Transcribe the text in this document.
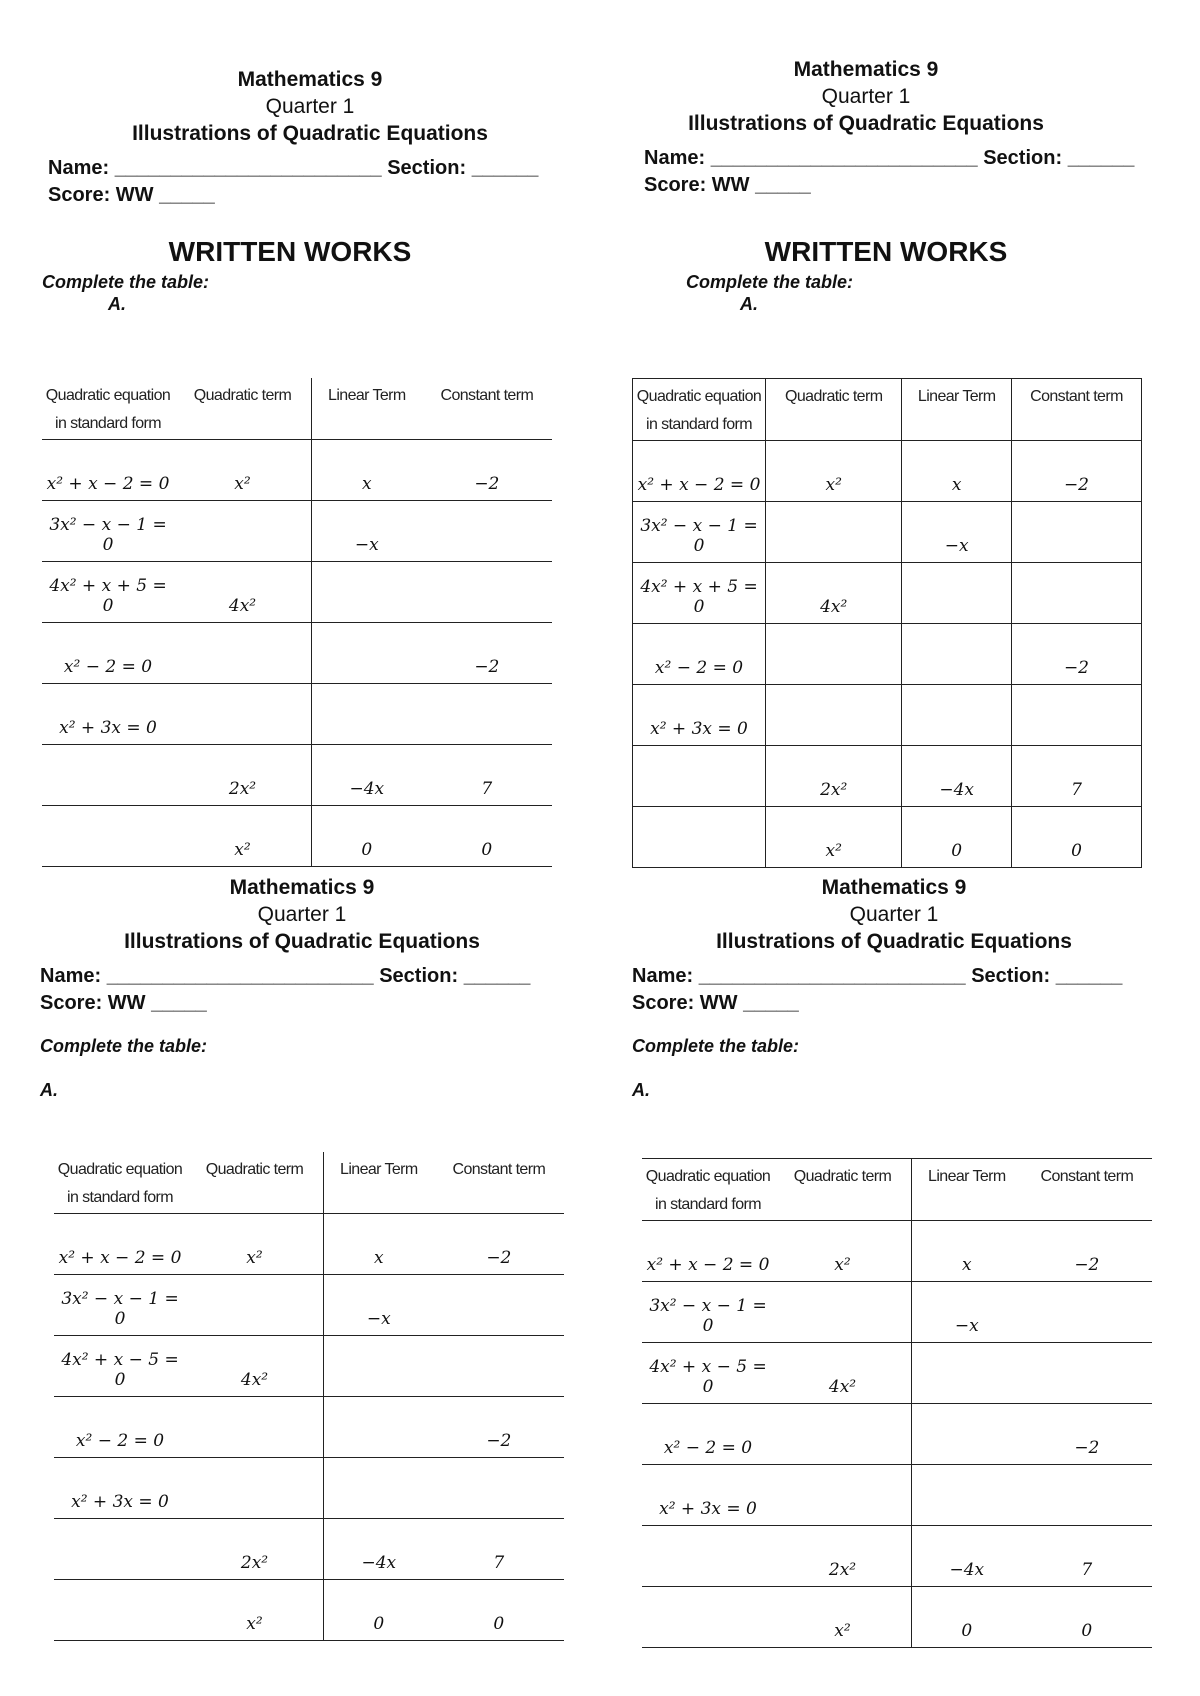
Mathematics 9
Quarter 1
Illustrations of Quadratic Equations
Name: ________________________ Section: ______
Score: WW _____
WRITTEN WORKS
Complete the table:
A.
Quadratic equation in standard form	Quadratic term	Linear Term	Constant term
x² + x − 2 = 0	x²	x	−2
3x² − x − 1 = 0		−x	
4x² + x + 5 = 0	4x²		
x² − 2 = 0			−2
x² + 3x = 0			
	2x²	−4x	7
	x²	0	0
Mathematics 9
Quarter 1
Illustrations of Quadratic Equations
Name: ________________________ Section: ______
Score: WW _____
WRITTEN WORKS
Complete the table:
A.
Quadratic equation in standard form	Quadratic term	Linear Term	Constant term
x² + x − 2 = 0	x²	x	−2
3x² − x − 1 = 0		−x	
4x² + x + 5 = 0	4x²		
x² − 2 = 0			−2
x² + 3x = 0			
	2x²	−4x	7
	x²	0	0
Mathematics 9
Quarter 1
Illustrations of Quadratic Equations
Name: ________________________ Section: ______
Score: WW _____
Complete the table:
A.
Quadratic equation in standard form	Quadratic term	Linear Term	Constant term
x² + x − 2 = 0	x²	x	−2
3x² − x − 1 = 0		−x	
4x² + x − 5 = 0	4x²		
x² − 2 = 0			−2
x² + 3x = 0			
	2x²	−4x	7
	x²	0	0
Mathematics 9
Quarter 1
Illustrations of Quadratic Equations
Name: ________________________ Section: ______
Score: WW _____
Complete the table:
A.
Quadratic equation in standard form	Quadratic term	Linear Term	Constant term
x² + x − 2 = 0	x²	x	−2
3x² − x − 1 = 0		−x	
4x² + x − 5 = 0	4x²		
x² − 2 = 0			−2
x² + 3x = 0			
	2x²	−4x	7
	x²	0	0
